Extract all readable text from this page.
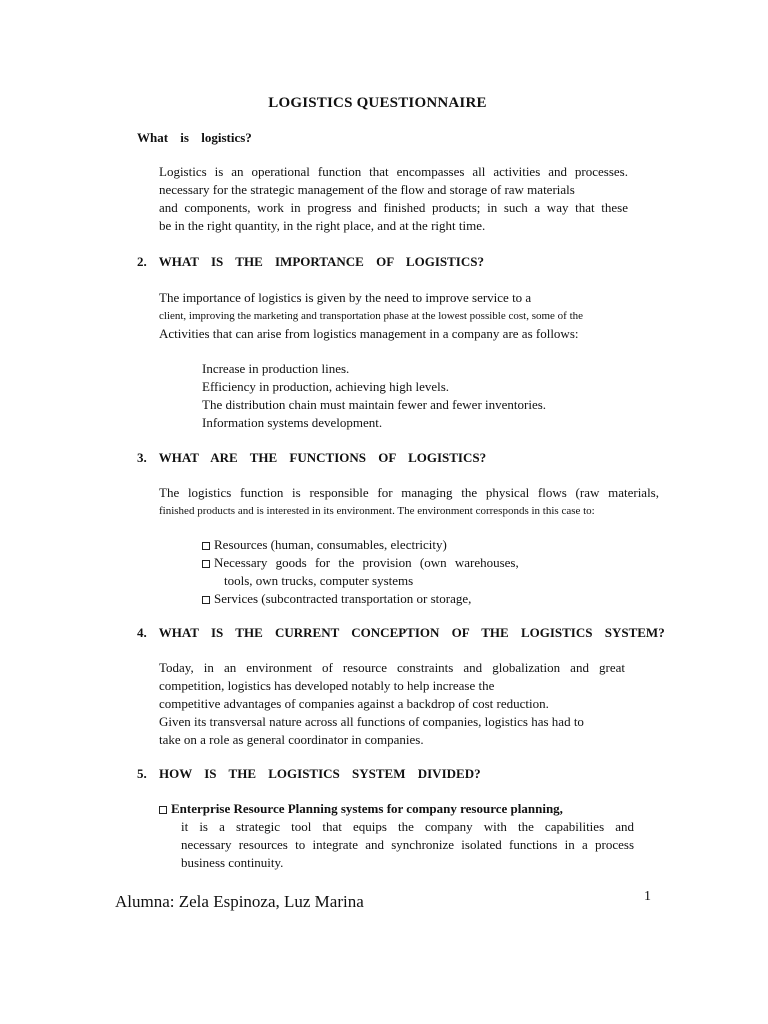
LOGISTICS QUESTIONNAIRE
What is logistics?
Logistics is an operational function that encompasses all activities and processes.
necessary for the strategic management of the flow and storage of raw materials
and components, work in progress and finished products; in such a way that these
be in the right quantity, in the right place, and at the right time.
2. WHAT IS THE IMPORTANCE OF LOGISTICS?
The importance of logistics is given by the need to improve service to a
client, improving the marketing and transportation phase at the lowest possible cost, some of the
Activities that can arise from logistics management in a company are as follows:
Increase in production lines.
Efficiency in production, achieving high levels.
The distribution chain must maintain fewer and fewer inventories.
Information systems development.
3. WHAT ARE THE FUNCTIONS OF LOGISTICS?
The logistics function is responsible for managing the physical flows (raw materials,
finished products and is interested in its environment. The environment corresponds in this case to:
Resources (human, consumables, electricity)
Necessary goods for the provision (own warehouses,
tools, own trucks, computer systems
Services (subcontracted transportation or storage,
4. WHAT IS THE CURRENT CONCEPTION OF THE LOGISTICS SYSTEM?
Today, in an environment of resource constraints and globalization and great
competition, logistics has developed notably to help increase the
competitive advantages of companies against a backdrop of cost reduction.
Given its transversal nature across all functions of companies, logistics has had to
take on a role as general coordinator in companies.
5. HOW IS THE LOGISTICS SYSTEM DIVIDED?
Enterprise Resource Planning systems for company resource planning,
it is a strategic tool that equips the company with the capabilities and
necessary resources to integrate and synchronize isolated functions in a process
business continuity.
Alumna: Zela Espinoza, Luz Marina	1
